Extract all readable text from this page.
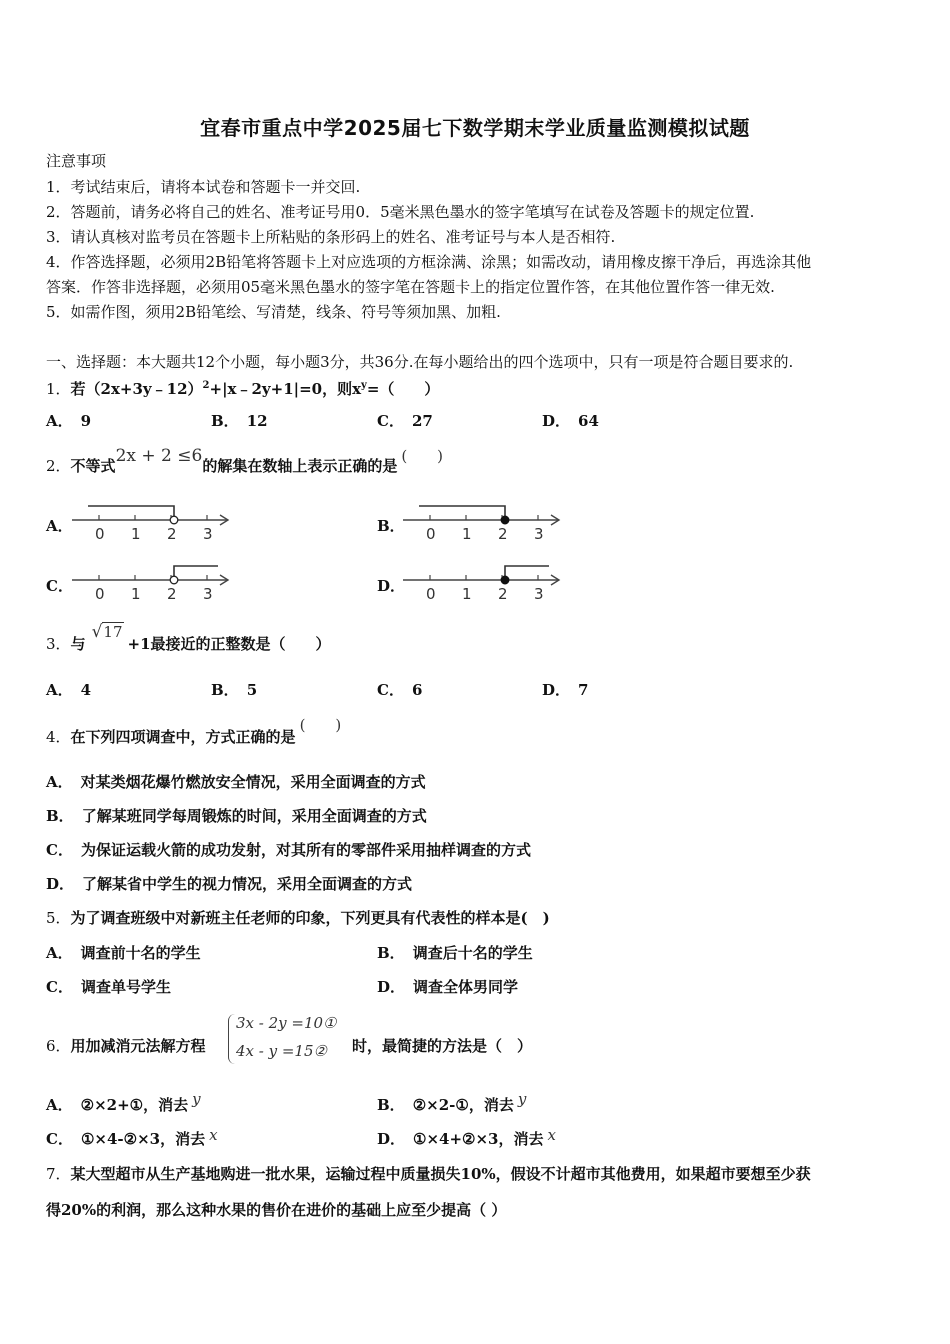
宜春市重点中学2025届七下数学期末学业质量监测模拟试题
注意事项
1．考试结束后，请将本试卷和答题卡一并交回.
2．答题前，请务必将自己的姓名、准考证号用0．5毫米黑色墨水的签字笔填写在试卷及答题卡的规定位置.
3．请认真核对监考员在答题卡上所粘贴的条形码上的姓名、准考证号与本人是否相符.
4．作答选择题，必须用2B铅笔将答题卡上对应选项的方框涂满、涂黑；如需改动，请用橡皮擦干净后，再选涂其他
答案．作答非选择题，必须用05毫米黑色墨水的签字笔在答题卡上的指定位置作答，在其他位置作答一律无效.
5．如需作图，须用2B铅笔绘、写清楚，线条、符号等须加黑、加粗.
一、选择题：本大题共12个小题，每小题3分，共36分.在每小题给出的四个选项中，只有一项是符合题目要求的.
1．若（2x+3y﹣12）$^2$+|x﹣2y+1|=0，则$x^y=$（　　）
A． 9	B． 12	C． 27	D． 64
2．不等式2x + 2 ≤6的解集在数轴上表示正确的是(　　)
A． 0 1 2 3	B． 0 1 2 3
C． 0 1 2 3	D． 0 1 2 3
3．与√17+1最接近的正整数是（　　）
A． 4	B． 5	C． 6	D． 7
4．在下列四项调查中，方式正确的是(　　)
A． 对某类烟花爆竹燃放安全情况，采用全面调查的方式
B． 了解某班同学每周锻炼的时间，采用全面调查的方式
C． 为保证运载火箭的成功发射，对其所有的零部件采用抽样调查的方式
D． 了解某省中学生的视力情况，采用全面调查的方式
5．为了调查班级中对新班主任老师的印象，下列更具有代表性的样本是(　)
A． 调查前十名的学生	B． 调查后十名的学生
C． 调查单号学生	D． 调查全体男同学
6．用加减消元法解方程
3x - 2y =10①
4x - y =15② 时，最简捷的方法是（　）
A． ②×2+①，消去 y	B． ②×2-①，消去 y
C． ①×4-②×3，消去 x	D． ①×4+②×3，消去 x
7．某大型超市从生产基地购进一批水果，运输过程中质量损失10%，假设不计超市其他费用，如果超市要想至少获
得20%的利润，那么这种水果的售价在进价的基础上应至少提高（ ）
